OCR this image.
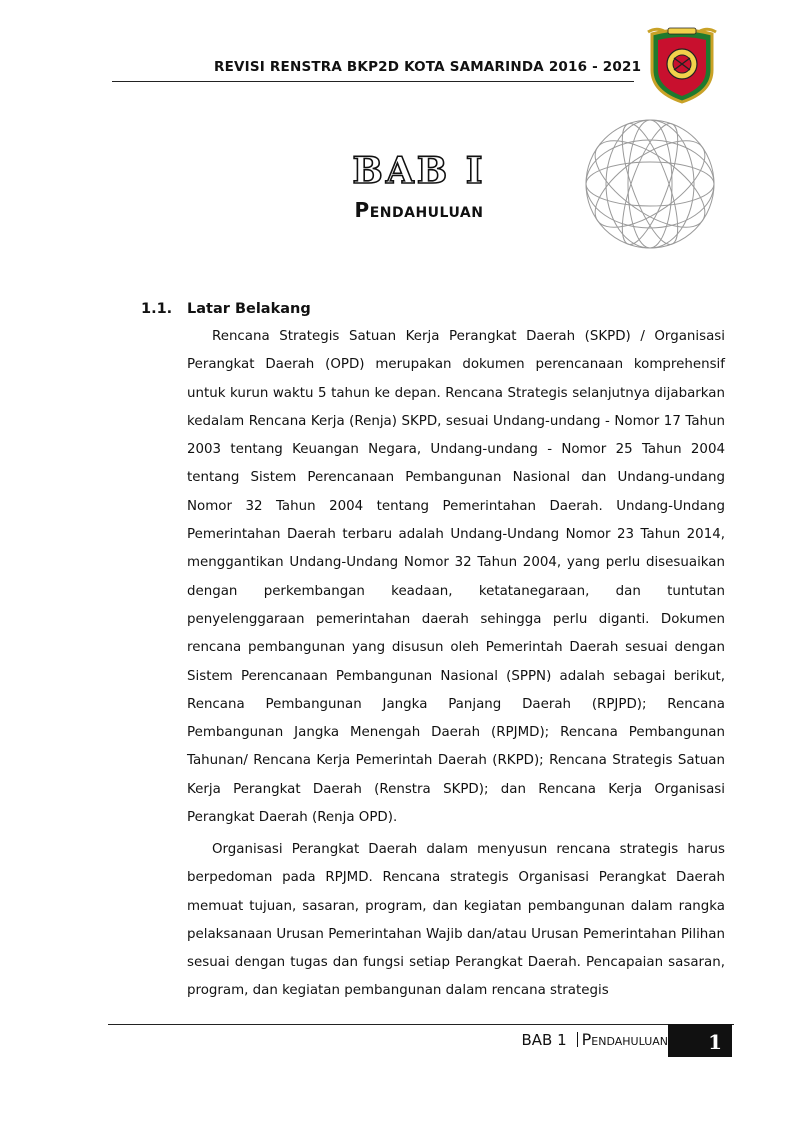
REVISI RENSTRA BKP2D KOTA SAMARINDA 2016 - 2021
BAB I
Pendahuluan
1.1. Latar Belakang

Rencana Strategis Satuan Kerja Perangkat Daerah (SKPD) / Organisasi Perangkat Daerah (OPD) merupakan dokumen perencanaan komprehensif untuk kurun waktu 5 tahun ke depan. Rencana Strategis selanjutnya dijabarkan kedalam Rencana Kerja (Renja) SKPD, sesuai Undang-undang - Nomor 17 Tahun 2003 tentang Keuangan Negara, Undang-undang - Nomor 25 Tahun 2004 tentang Sistem Perencanaan Pembangunan Nasional dan Undang-undang Nomor 32 Tahun 2004 tentang Pemerintahan Daerah. Undang-Undang Pemerintahan Daerah terbaru adalah Undang-Undang Nomor 23 Tahun 2014, menggantikan Undang-Undang Nomor 32 Tahun 2004, yang perlu disesuaikan dengan perkembangan keadaan, ketatanegaraan, dan tuntutan penyelenggaraan pemerintahan daerah sehingga perlu diganti. Dokumen rencana pembangunan yang disusun oleh Pemerintah Daerah sesuai dengan Sistem Perencanaan Pembangunan Nasional (SPPN) adalah sebagai berikut, Rencana Pembangunan Jangka Panjang Daerah (RPJPD); Rencana Pembangunan Jangka Menengah Daerah (RPJMD); Rencana Pembangunan Tahunan/ Rencana Kerja Pemerintah Daerah (RKPD); Rencana Strategis Satuan Kerja Perangkat Daerah (Renstra SKPD); dan Rencana Kerja Organisasi Perangkat Daerah (Renja OPD).

Organisasi Perangkat Daerah dalam menyusun rencana strategis harus berpedoman pada RPJMD. Rencana strategis Organisasi Perangkat Daerah memuat tujuan, sasaran, program, dan kegiatan pembangunan dalam rangka pelaksanaan Urusan Pemerintahan Wajib dan/atau Urusan Pemerintahan Pilihan sesuai dengan tugas dan fungsi setiap Perangkat Daerah. Pencapaian sasaran, program, dan kegiatan pembangunan dalam rencana strategis

BAB 1 Pendahuluan	1
